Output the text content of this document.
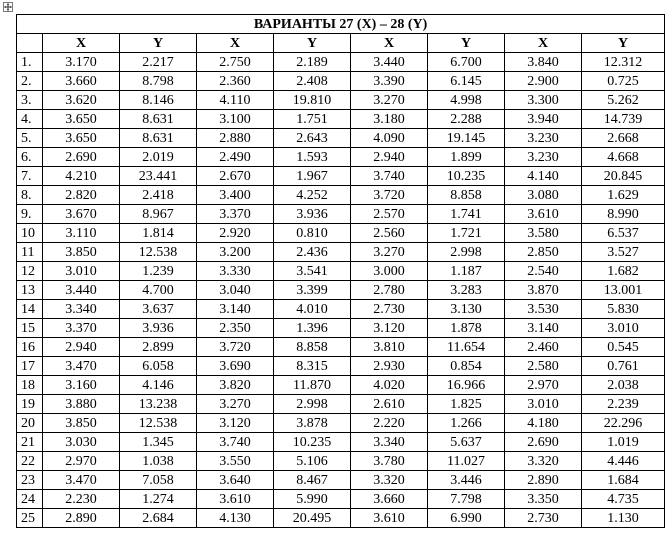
ВАРИАНТЫ 27 (X) – 28 (Y)								
	X	Y	X	Y	X	Y	X	Y
1.	3.170	2.217	2.750	2.189	3.440	6.700	3.840	12.312
2.	3.660	8.798	2.360	2.408	3.390	6.145	2.900	0.725
3.	3.620	8.146	4.110	19.810	3.270	4.998	3.300	5.262
4.	3.650	8.631	3.100	1.751	3.180	2.288	3.940	14.739
5.	3.650	8.631	2.880	2.643	4.090	19.145	3.230	2.668
6.	2.690	2.019	2.490	1.593	2.940	1.899	3.230	4.668
7.	4.210	23.441	2.670	1.967	3.740	10.235	4.140	20.845
8.	2.820	2.418	3.400	4.252	3.720	8.858	3.080	1.629
9.	3.670	8.967	3.370	3.936	2.570	1.741	3.610	8.990
10	3.110	1.814	2.920	0.810	2.560	1.721	3.580	6.537
11	3.850	12.538	3.200	2.436	3.270	2.998	2.850	3.527
12	3.010	1.239	3.330	3.541	3.000	1.187	2.540	1.682
13	3.440	4.700	3.040	3.399	2.780	3.283	3.870	13.001
14	3.340	3.637	3.140	4.010	2.730	3.130	3.530	5.830
15	3.370	3.936	2.350	1.396	3.120	1.878	3.140	3.010
16	2.940	2.899	3.720	8.858	3.810	11.654	2.460	0.545
17	3.470	6.058	3.690	8.315	2.930	0.854	2.580	0.761
18	3.160	4.146	3.820	11.870	4.020	16.966	2.970	2.038
19	3.880	13.238	3.270	2.998	2.610	1.825	3.010	2.239
20	3.850	12.538	3.120	3.878	2.220	1.266	4.180	22.296
21	3.030	1.345	3.740	10.235	3.340	5.637	2.690	1.019
22	2.970	1.038	3.550	5.106	3.780	11.027	3.320	4.446
23	3.470	7.058	3.640	8.467	3.320	3.446	2.890	1.684
24	2.230	1.274	3.610	5.990	3.660	7.798	3.350	4.735
25	2.890	2.684	4.130	20.495	3.610	6.990	2.730	1.130
